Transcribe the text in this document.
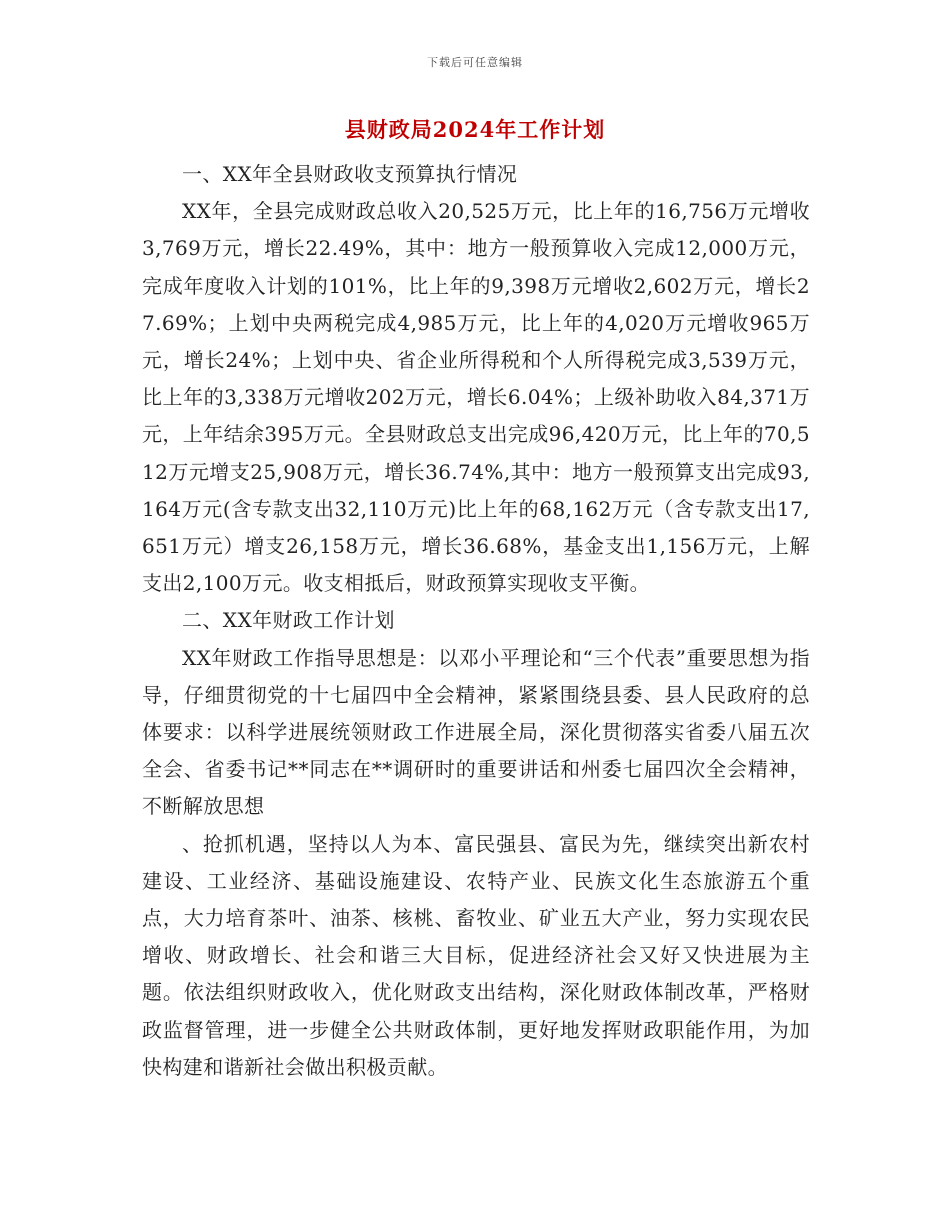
下载后可任意编辑
县财政局2024年工作计划

一、XX年全县财政收支预算执行情况

XX年，全县完成财政总收入20,525万元，比上年的16,756万元增收3,769万元，增长22.49%，其中：地方一般预算收入完成12,000万元，完成年度收入计划的101%，比上年的9,398万元增收2,602万元，增长27.69%；上划中央两税完成4,985万元，比上年的4,020万元增收965万元，增长24%；上划中央、省企业所得税和个人所得税完成3,539万元，比上年的3,338万元增收202万元，增长6.04%；上级补助收入84,371万元，上年结余395万元。全县财政总支出完成96,420万元，比上年的70,512万元增支25,908万元，增长36.74%,其中：地方一般预算支出完成93,164万元(含专款支出32,110万元)比上年的68,162万元（含专款支出17,651万元）增支26,158万元，增长36.68%，基金支出1,156万元，上解支出2,100万元。收支相抵后，财政预算实现收支平衡。

二、XX年财政工作计划

XX年财政工作指导思想是：以邓小平理论和“三个代表”重要思想为指导，仔细贯彻党的十七届四中全会精神，紧紧围绕县委、县人民政府的总体要求：以科学进展统领财政工作进展全局，深化贯彻落实省委八届五次全会、省委书记**同志在**调研时的重要讲话和州委七届四次全会精神，不断解放思想

、抢抓机遇，坚持以人为本、富民强县、富民为先，继续突出新农村建设、工业经济、基础设施建设、农特产业、民族文化生态旅游五个重点，大力培育茶叶、油茶、核桃、畜牧业、矿业五大产业，努力实现农民增收、财政增长、社会和谐三大目标，促进经济社会又好又快进展为主题。依法组织财政收入，优化财政支出结构，深化财政体制改革，严格财政监督管理，进一步健全公共财政体制，更好地发挥财政职能作用，为加快构建和谐新社会做出积极贡献。
